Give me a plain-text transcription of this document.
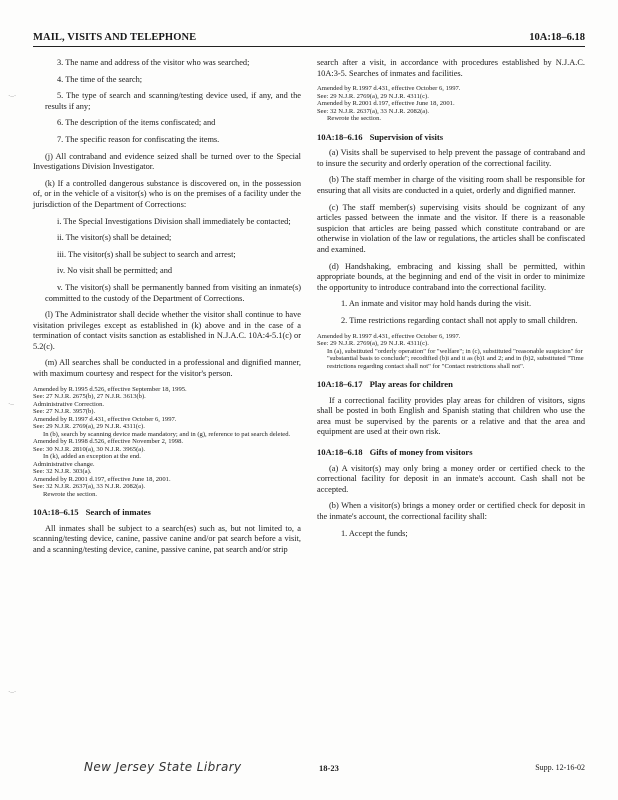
MAIL, VISITS AND TELEPHONE	10A:18–6.18
·–·
·–
·–·

3. The name and address of the visitor who was searched;

4. The time of the search;

5. The type of search and scanning/testing device used, if any, and the results if any;

6. The description of the items confiscated; and

7. The specific reason for confiscating the items.

(j) All contraband and evidence seized shall be turned over to the Special Investigations Division Investigator.

(k) If a controlled dangerous substance is discovered on, in the possession of, or in the vehicle of a visitor(s) who is on the premises of a facility under the jurisdiction of the Department of Corrections:

i. The Special Investigations Division shall immediately be contacted;

ii. The visitor(s) shall be detained;

iii. The visitor(s) shall be subject to search and arrest;

iv. No visit shall be permitted; and

v. The visitor(s) shall be permanently banned from visiting an inmate(s) committed to the custody of the Department of Corrections.

(l) The Administrator shall decide whether the visitor shall continue to have visitation privileges except as established in (k) above and in the case of a termination of contact visits sanction as established in N.J.A.C. 10A:4-5.1(c) or 5.2(c).

(m) All searches shall be conducted in a professional and dignified manner, with maximum courtesy and respect for the visitor's person.

Amended by R.1995 d.526, effective September 18, 1995.
See: 27 N.J.R. 2675(b), 27 N.J.R. 3613(b).
Administrative Correction.
See: 27 N.J.R. 3957(b).
Amended by R.1997 d.431, effective October 6, 1997.
See: 29 N.J.R. 2769(a), 29 N.J.R. 4311(c).
In (b), search by scanning device made mandatory; and in (g), reference to pat search deleted.
Amended by R.1998 d.526, effective November 2, 1998.
See: 30 N.J.R. 2810(a), 30 N.J.R. 3965(a).
In (k), added an exception at the end.
Administrative change.
See: 32 N.J.R. 303(a).
Amended by R.2001 d.197, effective June 18, 2001.
See: 32 N.J.R. 2637(a), 33 N.J.R. 2082(a).
Rewrote the section.
10A:18–6.15 Search of inmates

All inmates shall be subject to a search(es) such as, but not limited to, a scanning/testing device, canine, passive canine and/or pat search before a visit, and a scanning/testing device, canine, passive canine, pat search and/or strip

search after a visit, in accordance with procedures established by N.J.A.C. 10A:3-5. Searches of inmates and facilities.

Amended by R.1997 d.431, effective October 6, 1997.
See: 29 N.J.R. 2769(a), 29 N.J.R. 4311(c).
Amended by R.2001 d.197, effective June 18, 2001.
See: 32 N.J.R. 2637(a), 33 N.J.R. 2082(a).
Rewrote the section.
10A:18–6.16 Supervision of visits

(a) Visits shall be supervised to help prevent the passage of contraband and to insure the security and orderly operation of the correctional facility.

(b) The staff member in charge of the visiting room shall be responsible for ensuring that all visits are conducted in a quiet, orderly and dignified manner.

(c) The staff member(s) supervising visits should be cognizant of any articles passed between the inmate and the visitor. If there is a reasonable suspicion that articles are being passed which constitute contraband or are otherwise in violation of the law or regulations, the articles shall be confiscated and examined.

(d) Handshaking, embracing and kissing shall be permitted, within appropriate bounds, at the beginning and end of the visit in order to minimize the opportunity to introduce contraband into the correctional facility.

1. An inmate and visitor may hold hands during the visit.

2. Time restrictions regarding contact shall not apply to small children.

Amended by R.1997 d.431, effective October 6, 1997.
See: 29 N.J.R. 2769(a), 29 N.J.R. 4311(c).
In (a), substituted "orderly operation" for "welfare"; in (c), substituted "reasonable suspicion" for "substantial basis to conclude"; recodified (b)i and ii as (b)1 and 2; and in (b)2, substituted "Time restrictions regarding contact shall not" for "Contact restrictions shall not".
10A:18–6.17 Play areas for children

If a correctional facility provides play areas for children of visitors, signs shall be posted in both English and Spanish stating that children who use the area must be supervised by the parents or a relative and that the area and equipment are used at their own risk.

10A:18–6.18 Gifts of money from visitors

(a) A visitor(s) may only bring a money order or certified check to the correctional facility for deposit in an inmate's account. Cash shall not be accepted.

(b) When a visitor(s) brings a money order or certified check for deposit in the inmate's account, the correctional facility shall:

1. Accept the funds;

New Jersey State Library	18-23	Supp. 12-16-02
